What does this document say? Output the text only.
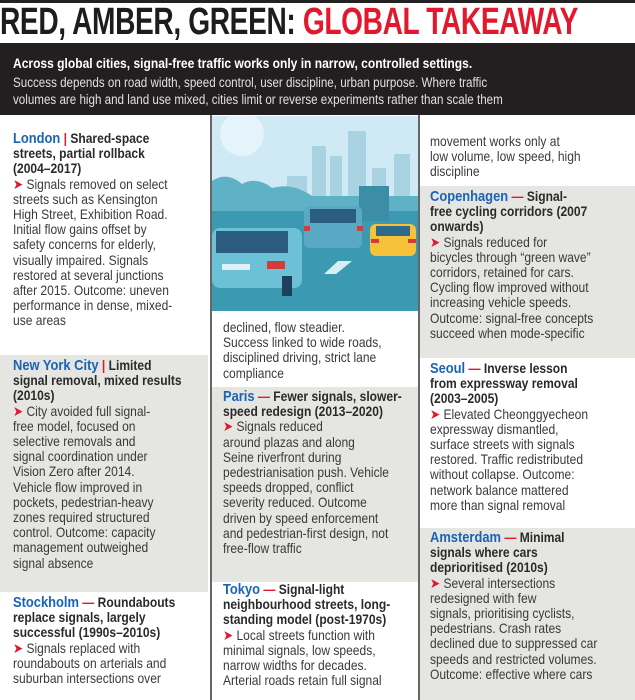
RED, AMBER, GREEN: GLOBAL TAKEAWAY
Across global cities, signal-free traffic works only in narrow, controlled settings.
Success depends on road width, speed control, user discipline, urban purpose. Where traffic
volumes are high and land use mixed, cities limit or reverse experiments rather than scale them
London | Shared-space
streets, partial rollback
(2004–2017)
➤ Signals removed on select
streets such as Kensington
High Street, Exhibition Road.
Initial flow gains offset by
safety concerns for elderly,
visually impaired. Signals
restored at several junctions
after 2015. Outcome: uneven
performance in dense, mixed-
use areas
New York City | Limited
signal removal, mixed results
(2010s)
➤ City avoided full signal-
free model, focused on
selective removals and
signal coordination under
Vision Zero after 2014.
Vehicle flow improved in
pockets, pedestrian-heavy
zones required structured
control. Outcome: capacity
management outweighed
signal absence
Stockholm — Roundabouts
replace signals, largely
successful (1990s–2010s)
➤ Signals replaced with
roundabouts on arterials and
suburban intersections over
declined, flow steadier.
Success linked to wide roads,
disciplined driving, strict lane
compliance
Paris — Fewer signals, slower-
speed redesign (2013–2020)
➤ Signals reduced
around plazas and along
Seine riverfront during
pedestrianisation push. Vehicle
speeds dropped, conflict
severity reduced. Outcome
driven by speed enforcement
and pedestrian-first design, not
free-flow traffic
Tokyo — Signal-light
neighbourhood streets, long-
standing model (post-1970s)
➤ Local streets function with
minimal signals, low speeds,
narrow widths for decades.
Arterial roads retain full signal
movement works only at
low volume, low speed, high
discipline
Copenhagen — Signal-
free cycling corridors (2007
onwards)
➤ Signals reduced for
bicycles through “green wave”
corridors, retained for cars.
Cycling flow improved without
increasing vehicle speeds.
Outcome: signal-free concepts
succeed when mode-specific
Seoul — Inverse lesson
from expressway removal
(2003–2005)
➤ Elevated Cheonggyecheon
expressway dismantled,
surface streets with signals
restored. Traffic redistributed
without collapse. Outcome:
network balance mattered
more than signal removal
Amsterdam — Minimal
signals where cars
deprioritised (2010s)
➤ Several intersections
redesigned with few
signals, prioritising cyclists,
pedestrians. Crash rates
declined due to suppressed car
speeds and restricted volumes.
Outcome: effective where cars
